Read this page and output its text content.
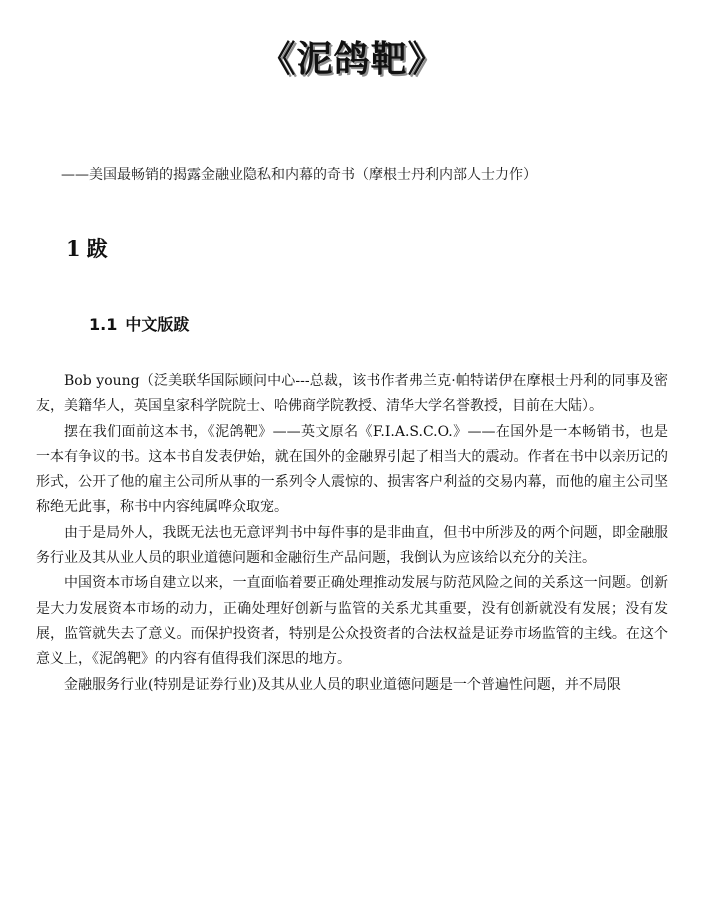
《泥鸽靶》

——美国最畅销的揭露金融业隐私和内幕的奇书（摩根士丹利内部人士力作）

1 跋
1.1 中文版跋

Bob young（泛美联华国际顾问中心---总裁，该书作者弗兰克·帕特诺伊在摩根士丹利的同事及密友，美籍华人，英国皇家科学院院士、哈佛商学院教授、清华大学名誉教授，目前在大陆）。

摆在我们面前这本书，《泥鸽靶》——英文原名《F.I.A.S.C.O.》——在国外是一本畅销书，也是一本有争议的书。这本书自发表伊始，就在国外的金融界引起了相当大的震动。作者在书中以亲历记的形式，公开了他的雇主公司所从事的一系列令人震惊的、损害客户利益的交易内幕，而他的雇主公司坚称绝无此事，称书中内容纯属哗众取宠。

由于是局外人，我既无法也无意评判书中每件事的是非曲直，但书中所涉及的两个问题，即金融服务行业及其从业人员的职业道德问题和金融衍生产品问题，我倒认为应该给以充分的关注。

中国资本市场自建立以来，一直面临着要正确处理推动发展与防范风险之间的关系这一问题。创新是大力发展资本市场的动力，正确处理好创新与监管的关系尤其重要，没有创新就没有发展；没有发展，监管就失去了意义。而保护投资者，特别是公众投资者的合法权益是证券市场监管的主线。在这个意义上，《泥鸽靶》的内容有值得我们深思的地方。

金融服务行业(特别是证券行业)及其从业人员的职业道德问题是一个普遍性问题，并不局限
